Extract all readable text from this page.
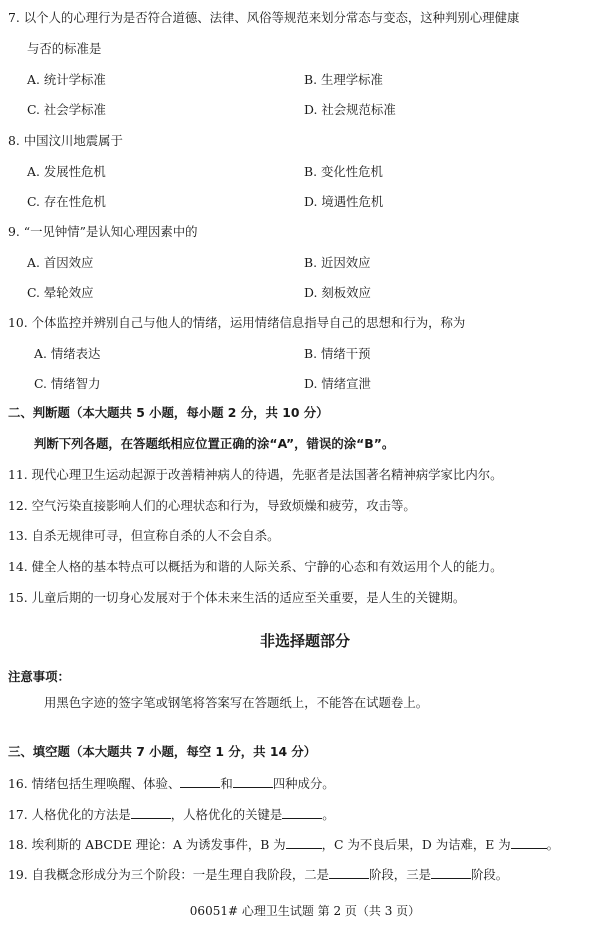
7. 以个人的心理行为是否符合道德、法律、风俗等规范来划分常态与变态，这种判别心理健康
与否的标准是
A. 统计学标准	B. 生理学标准
C. 社会学标准	D. 社会规范标准
8. 中国汶川地震属于
A. 发展性危机	B. 变化性危机
C. 存在性危机	D. 境遇性危机
9. “一见钟情”是认知心理因素中的
A. 首因效应	B. 近因效应
C. 晕轮效应	D. 刻板效应
10. 个体监控并辨别自己与他人的情绪，运用情绪信息指导自己的思想和行为，称为
A. 情绪表达	B. 情绪干预
C. 情绪智力	D. 情绪宣泄
二、判断题（本大题共 5 小题，每小题 2 分，共 10 分）
判断下列各题，在答题纸相应位置正确的涂“A”，错误的涂“B”。
11. 现代心理卫生运动起源于改善精神病人的待遇，先驱者是法国著名精神病学家比内尔。
12. 空气污染直接影响人们的心理状态和行为，导致烦燥和疲劳，攻击等。
13. 自杀无规律可寻，但宣称自杀的人不会自杀。
14. 健全人格的基本特点可以概括为和谐的人际关系、宁静的心态和有效运用个人的能力。
15. 儿童后期的一切身心发展对于个体未来生活的适应至关重要，是人生的关键期。
非选择题部分
注意事项：
用黑色字迹的签字笔或钢笔将答案写在答题纸上，不能答在试题卷上。
三、填空题（本大题共 7 小题，每空 1 分，共 14 分）
16. 情绪包括生理唤醒、体验、	和	四种成分。
17. 人格优化的方法是	，人格优化的关键是	。
18. 埃利斯的 ABCDE 理论：A 为诱发事件，B 为	，C 为不良后果，D 为诘难，E 为	。
19. 自我概念形成分为三个阶段：一是生理自我阶段，二是	阶段，三是	阶段。
06051# 心理卫生试题 第 2 页（共 3 页）
